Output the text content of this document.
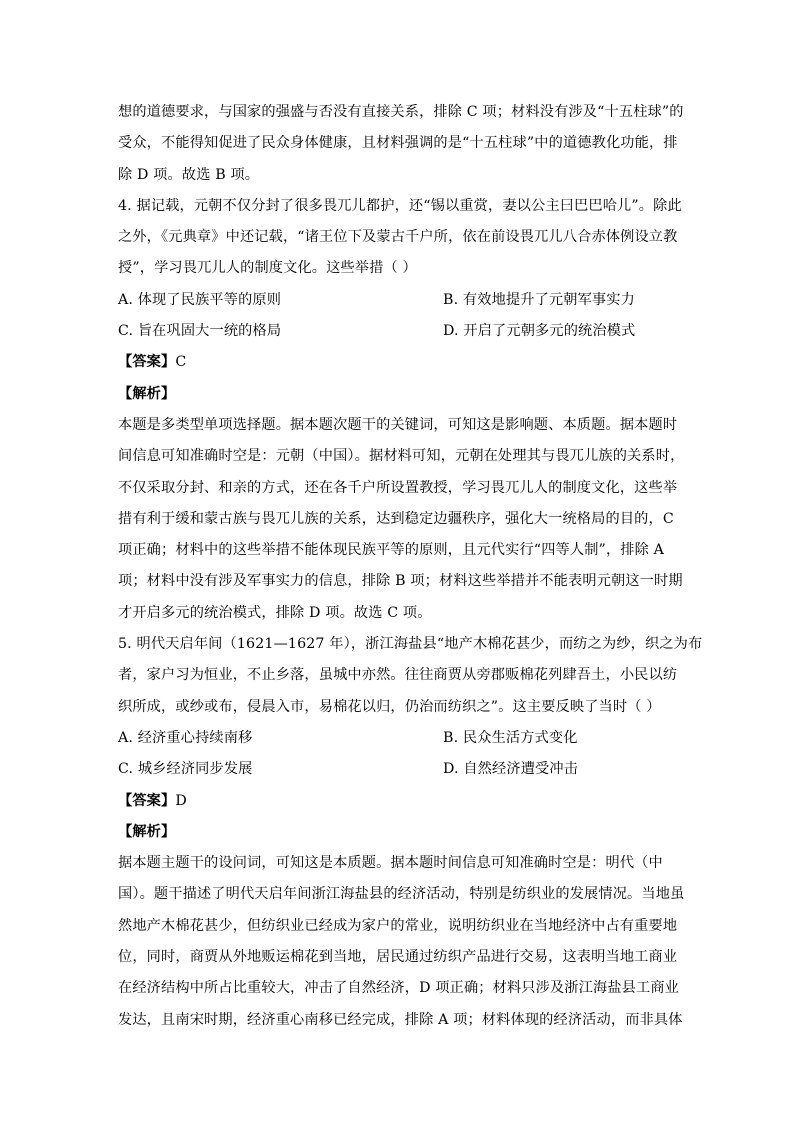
想的道德要求，与国家的强盛与否没有直接关系，排除 C 项；材料没有涉及“十五柱球”的
受众，不能得知促进了民众身体健康，且材料强调的是“十五柱球”中的道德教化功能，排
除 D 项。故选 B 项。
4. 据记载，元朝不仅分封了很多畏兀儿都护，还“锡以重赏，妻以公主曰巴巴哈儿”。除此
之外，《元典章》中还记载，“诸王位下及蒙古千户所，依在前设畏兀儿八合赤体例设立教
授”，学习畏兀儿人的制度文化。这些举措（ ）
A. 体现了民族平等的原则	B. 有效地提升了元朝军事实力
C. 旨在巩固大一统的格局	D. 开启了元朝多元的统治模式
【答案】C
【解析】
本题是多类型单项选择题。据本题次题干的关键词，可知这是影响题、本质题。据本题时
间信息可知准确时空是：元朝（中国）。据材料可知，元朝在处理其与畏兀儿族的关系时，
不仅采取分封、和亲的方式，还在各千户所设置教授，学习畏兀儿人的制度文化，这些举
措有利于缓和蒙古族与畏兀儿族的关系，达到稳定边疆秩序，强化大一统格局的目的，C
项正确；材料中的这些举措不能体现民族平等的原则，且元代实行“四等人制”，排除 A
项；材料中没有涉及军事实力的信息，排除 B 项；材料这些举措并不能表明元朝这一时期
才开启多元的统治模式，排除 D 项。故选 C 项。
5. 明代天启年间（1621—1627 年），浙江海盐县“地产木棉花甚少，而纺之为纱，织之为布
者，家户习为恒业，不止乡落，虽城中亦然。往往商贾从旁郡贩棉花列肆吾土，小民以纺
织所成，或纱或布，侵晨入市，易棉花以归，仍治而纺织之”。这主要反映了当时（ ）
A. 经济重心持续南移	B. 民众生活方式变化
C. 城乡经济同步发展	D. 自然经济遭受冲击
【答案】D
【解析】
据本题主题干的设问词，可知这是本质题。据本题时间信息可知准确时空是：明代（中
国）。题干描述了明代天启年间浙江海盐县的经济活动，特别是纺织业的发展情况。当地虽
然地产木棉花甚少，但纺织业已经成为家户的常业，说明纺织业在当地经济中占有重要地
位，同时，商贾从外地贩运棉花到当地，居民通过纺织产品进行交易，这表明当地工商业
在经济结构中所占比重较大，冲击了自然经济，D 项正确；材料只涉及浙江海盐县工商业
发达，且南宋时期，经济重心南移已经完成，排除 A 项；材料体现的经济活动，而非具体
